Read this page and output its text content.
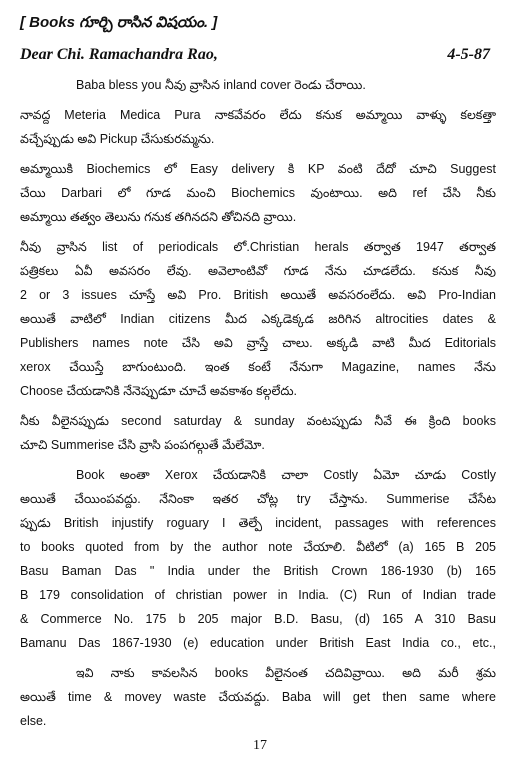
[ Books గూర్చి రాసిన విషయం. ]
Dear Chi. Ramachandra Rao,	4-5-87
Baba bless you నీవు వ్రాసిన inland cover రెండు చేరాయి.
నావద్ద Meteria Medica Pura నాకవేవరం లేదు కనుక అమ్మాయి వాళ్ళు కలకత్తా
వచ్చేప్పుడు అవి Pickup చేసుకురమ్మను.
అమ్మాయికి Biochemics లో Easy delivery కి KP వంటి దేదో చూచి Suggest
చేయి Darbari లో గూడ మంచి Biochemics వుంటాయి. అది ref చేసి నీకు
అమ్మాయి తత్వం తెలును గనుక తగినదని తోచినది వ్రాయి.
నీవు వ్రాసిన list of periodicals లో.Christian herals తర్వాత 1947 తర్వాత
పత్రికలు ఏవీ అవసరం లేవు. అవెలాంటివో గూడ నేను చూడలేదు. కనుక నీవు
2 or 3 issues చూస్తే అవి Pro. British అయితే అవసరంలేదు. అవి Pro-Indian
అయితే వాటిలో Indian citizens మీద ఎక్కడెక్కడ జరిగిన altrocities dates &
Publishers names note చేసి అవి వ్రాస్తే చాలు. అక్కడి వాటి మీద Editorials
xerox చేయిస్తే బాగుంటుంది. ఇంత కంటే నేనుగా Magazine, names నేను
Choose చేయడానికి నేనెప్పుడూ చూచే అవకాశం కల్గలేదు.
నీకు వీలైనప్పుడు second saturday & sunday వంటప్పుడు నీవే ఈ క్రింది books
చూచి Summerise చేసి వ్రాసి పంపగల్గుతే మేలేమో.
Book అంతా Xerox చేయడానికి చాలా Costly ఏమో చూడు Costly
అయితే చేయింపవద్దు. నేనింకా ఇతర చోట్ల try చేస్తాను. Summerise చేసేట
ప్పుడు British injustify roguary I తెల్పే incident, passages with references
to books quoted from by the author note చేయాలి. వీటిలో (a) 165 B 205
Basu Baman Das " India under the British Crown 186-1930 (b) 165
B 179 consolidation of christian power in India. (C) Run of Indian trade
& Commerce No. 175 b 205 major B.D. Basu, (d) 165 A 310 Basu
Bamanu Das 1867-1930 (e) education under British East India co., etc.,
ఇవి నాకు కావలసిన books వీలైనంత చదివివ్రాయి. అది మరీ శ్రమ
అయితే time & movey waste చేయవద్దు. Baba will get then same where
else.
17
